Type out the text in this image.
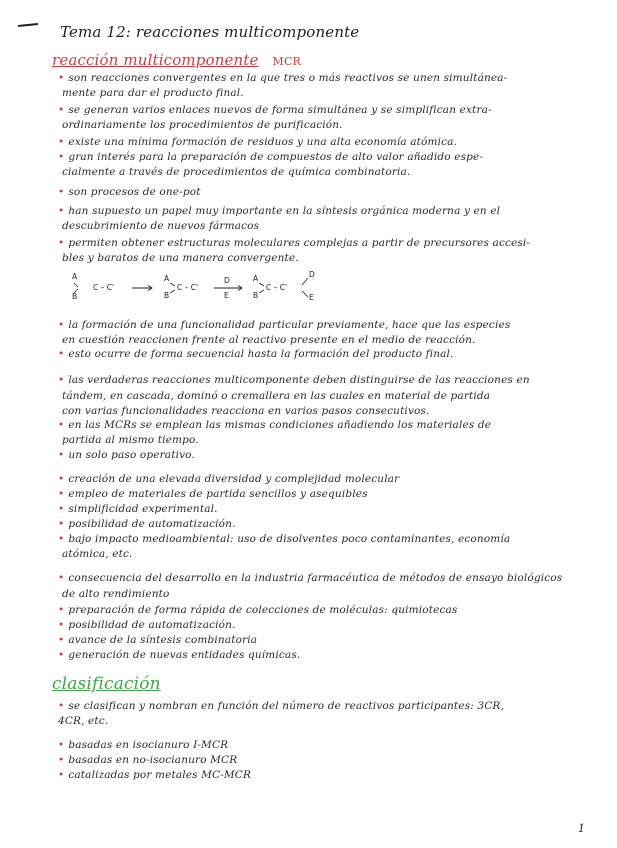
Tema 12: reacciones multicomponente
reacción multicomponente MCR
• son reacciones convergentes en la que tres o más reactivos se unen simultánea-
mente para dar el producto final.
• se generan varios enlaces nuevos de forma simultánea y se simplifican extra-
ordinariamente los procedimientos de purificación.
• existe una mínima formación de residuos y una alta economía atómica.
• gran interés para la preparación de compuestos de alto valor añadido espe-
cialmente a través de procedimientos de química combinatoria.
• son procesos de one-pot
• han supuesto un papel muy importante en la síntesis orgánica moderna y en el
descubrimiento de nuevos fármacos
• permiten obtener estructuras moleculares complejas a partir de precursores accesi-
bles y baratos de una manera convergente.
A
C – C'
B
A
B
C – C'
D
E
A
B
C – C'
D
E
• la formación de una funcionalidad particular previamente, hace que las especies
en cuestión reaccionen frente al reactivo presente en el medio de reacción.
• esto ocurre de forma secuencial hasta la formación del producto final.
• las verdaderas reacciones multicomponente deben distinguirse de las reacciones en
tándem, en cascada, dominó o cremallera en las cuales en material de partida
con varias funcionalidades reacciona en varios pasos consecutivos.
• en las MCRs se emplean las mismas condiciones añadiendo los materiales de
partida al mismo tiempo.
• un solo paso operativo.
• creación de una elevada diversidad y complejidad molecular
• empleo de materiales de partida sencillos y asequibles
• simplificidad experimental.
• posibilidad de automatización.
• bajo impacto medioambiental: uso de disolventes poco contaminantes, economía
atómica, etc.
• consecuencia del desarrollo en la industria farmacéutica de métodos de ensayo biológicos
de alto rendimiento
• preparación de forma rápida de colecciones de moléculas: quimiotecas
• posibilidad de automatización.
• avance de la síntesis combinatoria
• generación de nuevas entidades químicas.
clasificación
• se clasifican y nombran en función del número de reactivos participantes: 3CR,
4CR, etc.
• basadas en isocianuro I-MCR
• basadas en no-isocianuro MCR
• catalizadas por metales MC-MCR
1
